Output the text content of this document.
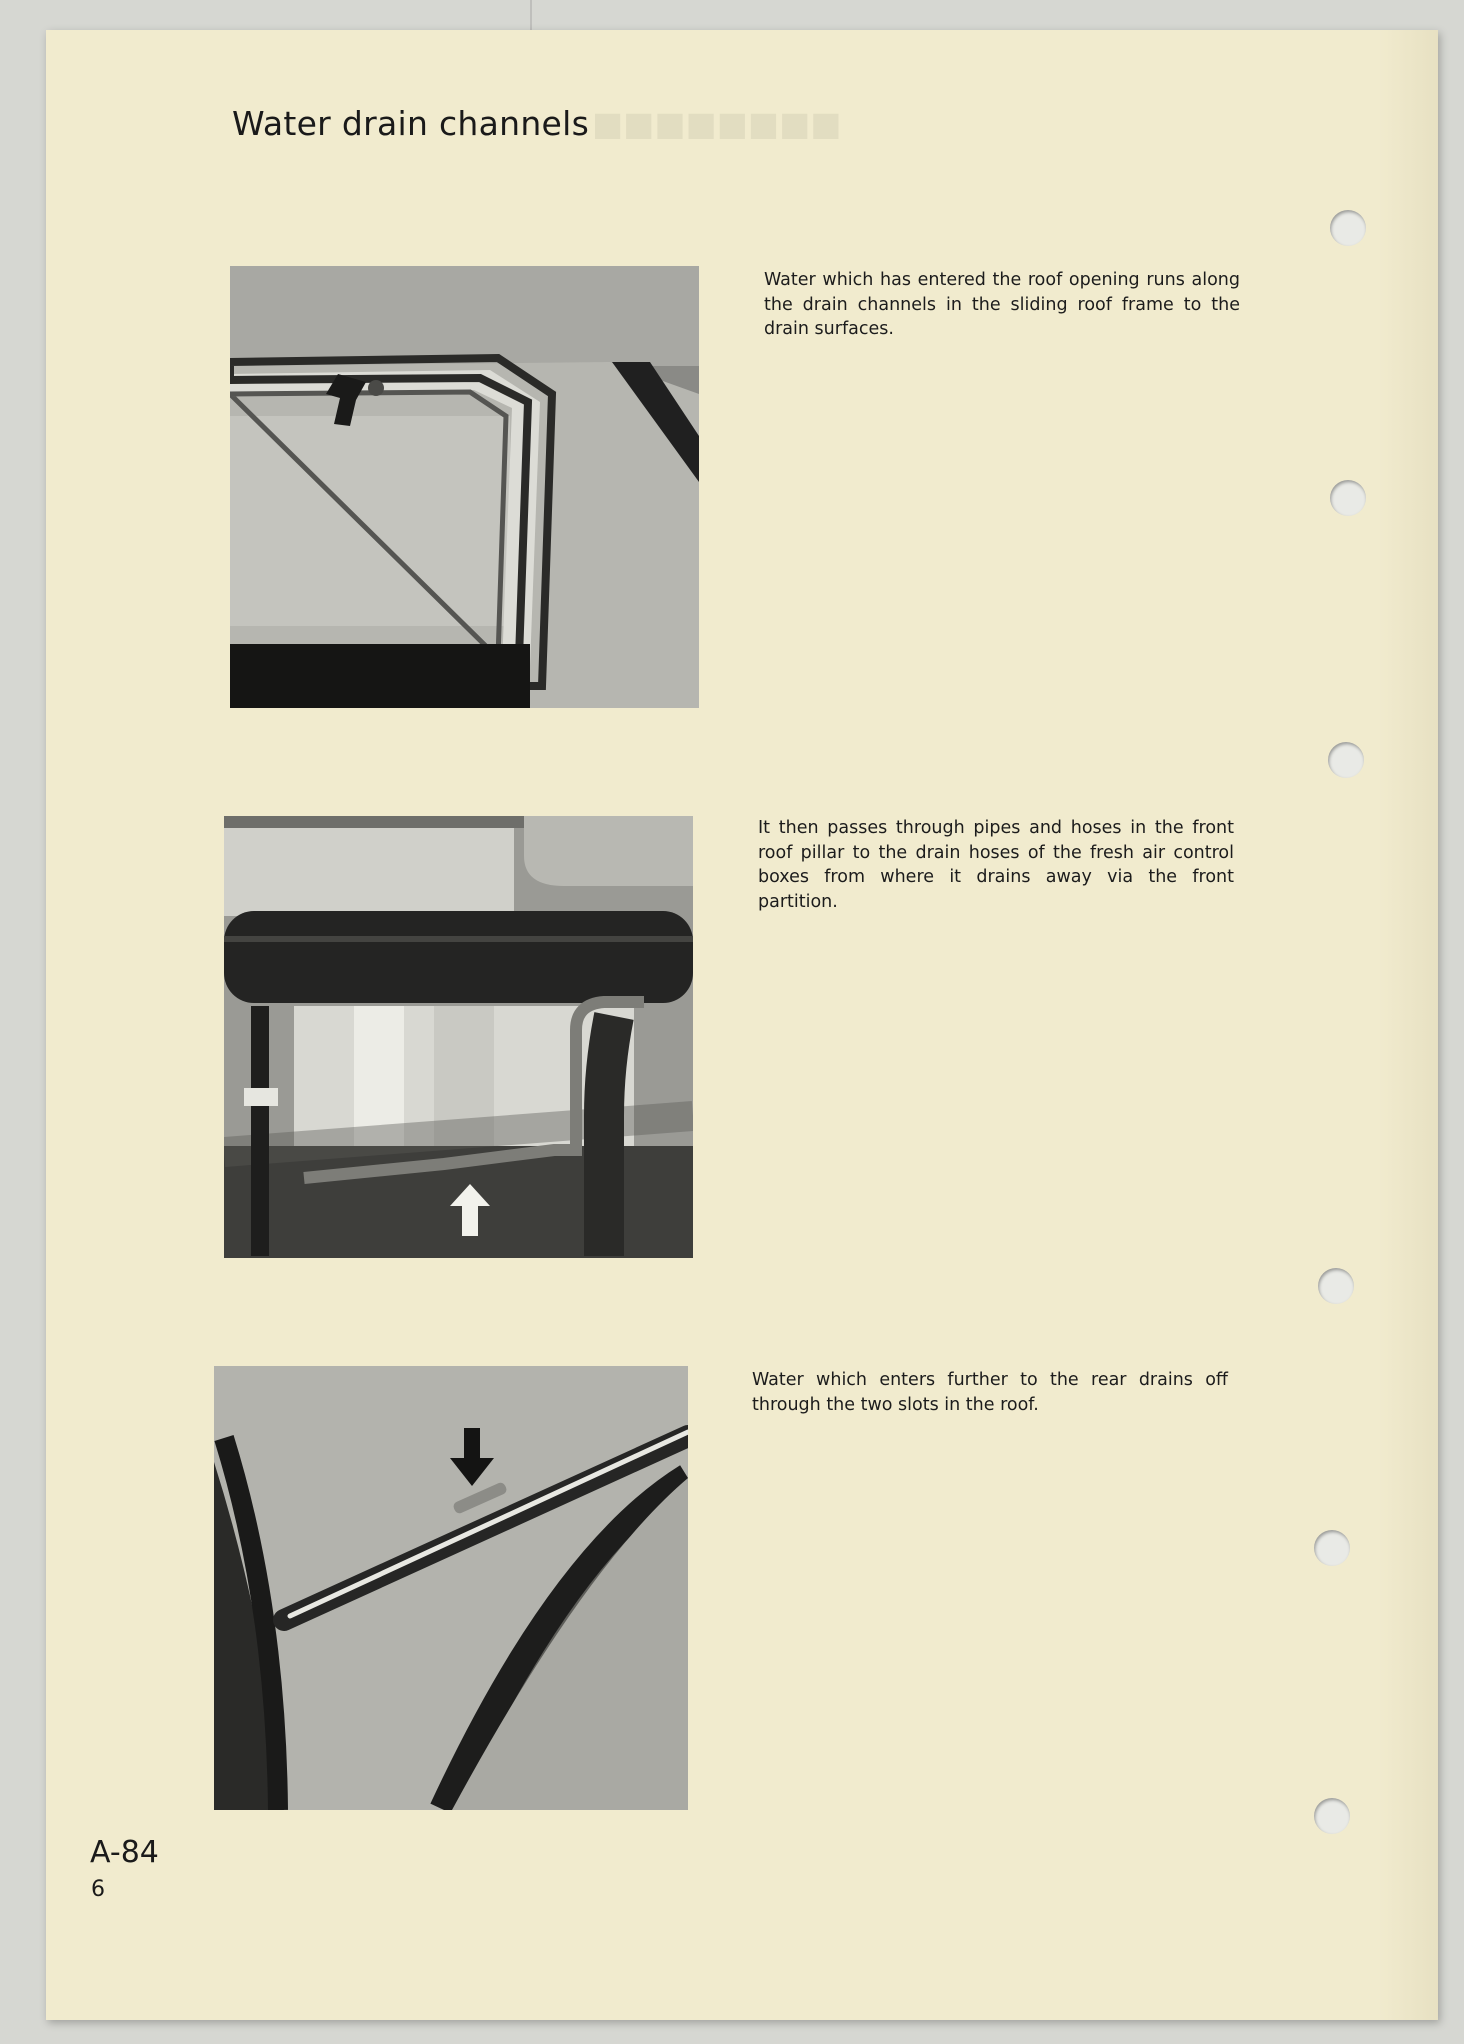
Water drain channels ■■■■■■■■

Water which has entered the roof opening runs along the drain channels in the sliding roof frame to the drain surfaces.

It then passes through pipes and hoses in the front roof pillar to the drain hoses of the fresh air control boxes from where it drains away via the front partition.

Water which enters further to the rear drains off through the two slots in the roof.

A-84
6
